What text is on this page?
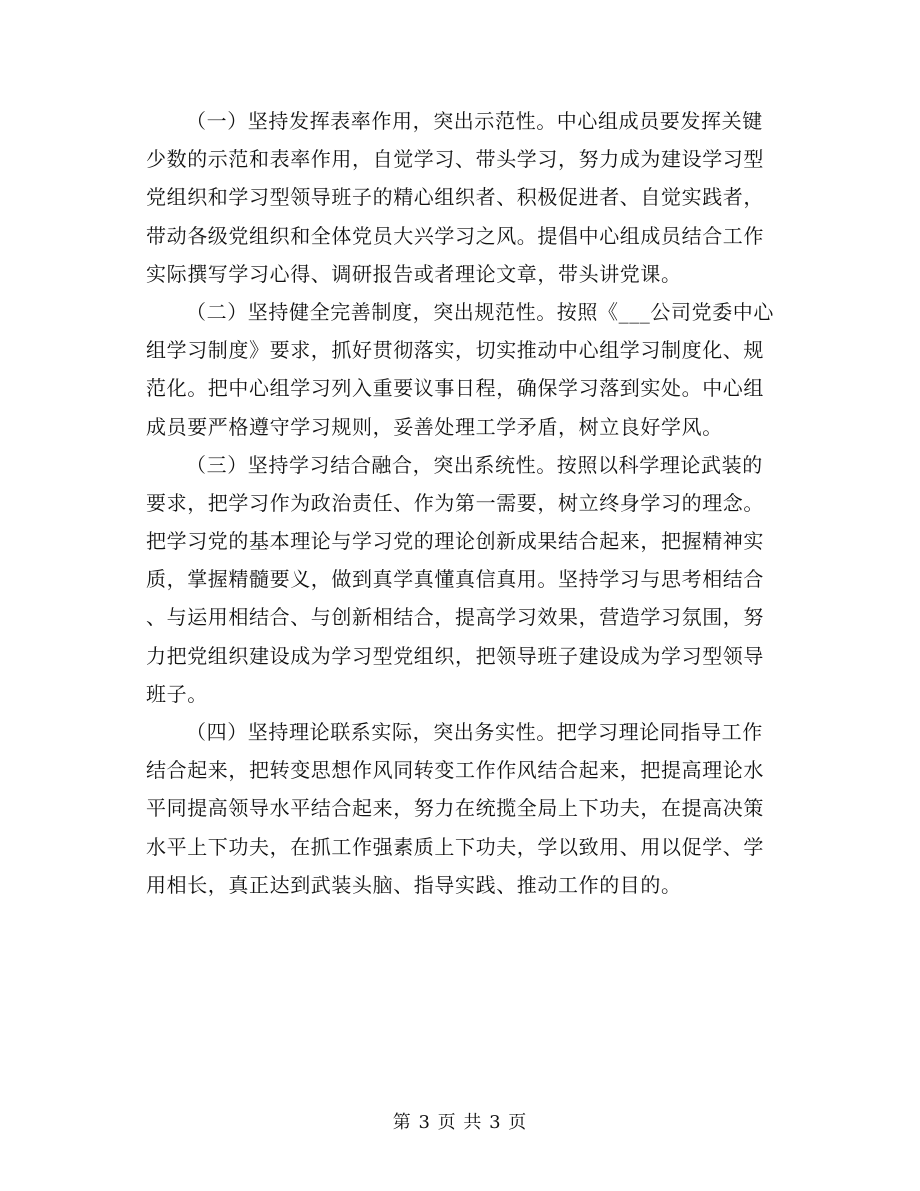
（一）坚持发挥表率作用，突出示范性。中心组成员要发挥关键
少数的示范和表率作用，自觉学习、带头学习，努力成为建设学习型
党组织和学习型领导班子的精心组织者、积极促进者、自觉实践者，
带动各级党组织和全体党员大兴学习之风。提倡中心组成员结合工作
实际撰写学习心得、调研报告或者理论文章，带头讲党课。
（二）坚持健全完善制度，突出规范性。按照《___公司党委中心
组学习制度》要求，抓好贯彻落实，切实推动中心组学习制度化、规
范化。把中心组学习列入重要议事日程，确保学习落到实处。中心组
成员要严格遵守学习规则，妥善处理工学矛盾，树立良好学风。
（三）坚持学习结合融合，突出系统性。按照以科学理论武装的
要求，把学习作为政治责任、作为第一需要，树立终身学习的理念。
把学习党的基本理论与学习党的理论创新成果结合起来，把握精神实
质，掌握精髓要义，做到真学真懂真信真用。坚持学习与思考相结合
、与运用相结合、与创新相结合，提高学习效果，营造学习氛围，努
力把党组织建设成为学习型党组织，把领导班子建设成为学习型领导
班子。
（四）坚持理论联系实际，突出务实性。把学习理论同指导工作
结合起来，把转变思想作风同转变工作作风结合起来，把提高理论水
平同提高领导水平结合起来，努力在统揽全局上下功夫，在提高决策
水平上下功夫，在抓工作强素质上下功夫，学以致用、用以促学、学
用相长，真正达到武装头脑、指导实践、推动工作的目的。
第 3 页 共 3 页
